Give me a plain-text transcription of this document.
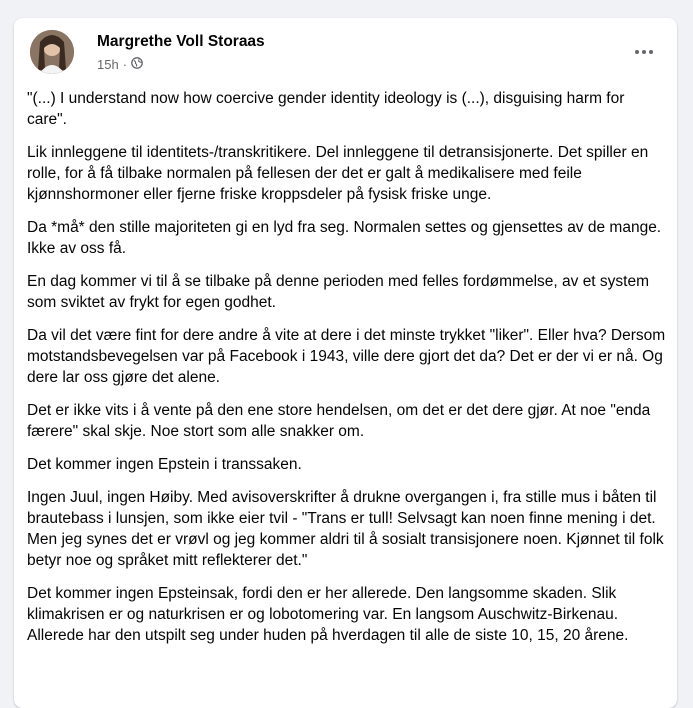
Margrethe Voll Storaas
15h ·

"(...) I understand now how coercive gender identity ideology is (...), disguising harm for care".

Lik innleggene til identitets-/transkritikere. Del innleggene til detransisjonerte. Det spiller en rolle, for å få tilbake normalen på fellesen der det er galt å medikalisere med feile kjønnshormoner eller fjerne friske kroppsdeler på fysisk friske unge.

Da *må* den stille majoriteten gi en lyd fra seg. Normalen settes og gjensettes av de mange. Ikke av oss få.

En dag kommer vi til å se tilbake på denne perioden med felles fordømmelse, av et system som sviktet av frykt for egen godhet.

Da vil det være fint for dere andre å vite at dere i det minste trykket "liker". Eller hva? Dersom motstandsbevegelsen var på Facebook i 1943, ville dere gjort det da? Det er der vi er nå. Og dere lar oss gjøre det alene.

Det er ikke vits i å vente på den ene store hendelsen, om det er det dere gjør. At noe "enda færere" skal skje. Noe stort som alle snakker om.

Det kommer ingen Epstein i transsaken.

Ingen Juul, ingen Høiby. Med avisoverskrifter å drukne overgangen i, fra stille mus i båten til brautebass i lunsjen, som ikke eier tvil - "Trans er tull! Selvsagt kan noen finne mening i det. Men jeg synes det er vrøvl og jeg kommer aldri til å sosialt transisjonere noen. Kjønnet til folk betyr noe og språket mitt reflekterer det."

Det kommer ingen Epsteinsak, fordi den er her allerede. Den langsomme skaden. Slik klimakrisen er og naturkrisen er og lobotomering var. En langsom Auschwitz-Birkenau. Allerede har den utspilt seg under huden på hverdagen til alle de siste 10, 15, 20 årene.
